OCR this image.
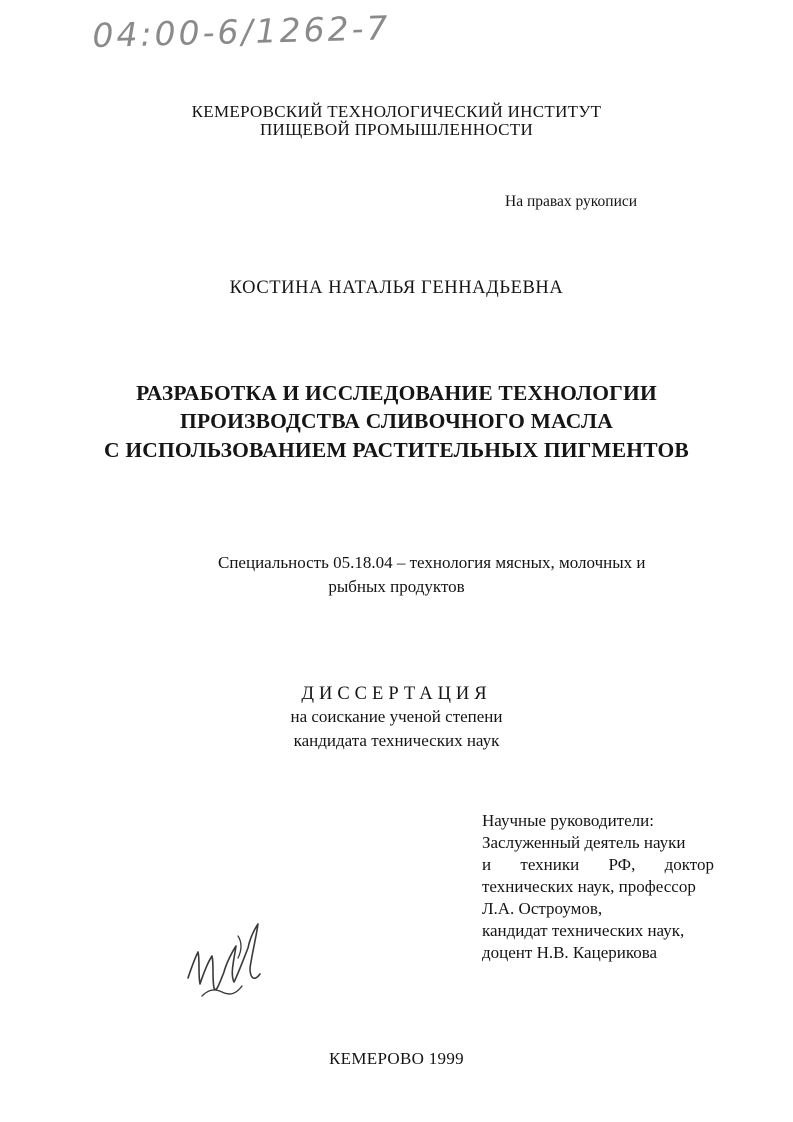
04:00-6/1262-7
КЕМЕРОВСКИЙ ТЕХНОЛОГИЧЕСКИЙ ИНСТИТУТ
ПИЩЕВОЙ ПРОМЫШЛЕННОСТИ
На правах рукописи
КОСТИНА НАТАЛЬЯ ГЕННАДЬЕВНА
РАЗРАБОТКА И ИССЛЕДОВАНИЕ ТЕХНОЛОГИИ
ПРОИЗВОДСТВА СЛИВОЧНОГО МАСЛА
С ИСПОЛЬЗОВАНИЕМ РАСТИТЕЛЬНЫХ ПИГМЕНТОВ
Специальность 05.18.04 – технология мясных, молочных и
рыбных продуктов
ДИССЕРТАЦИЯ
на соискание ученой степени
кандидата технических наук
Научные руководители:
Заслуженный деятель науки
и техники РФ, доктор
технических наук, профессор
Л.А. Остроумов,
кандидат технических наук,
доцент Н.В. Кацерикова
КЕМЕРОВО 1999
